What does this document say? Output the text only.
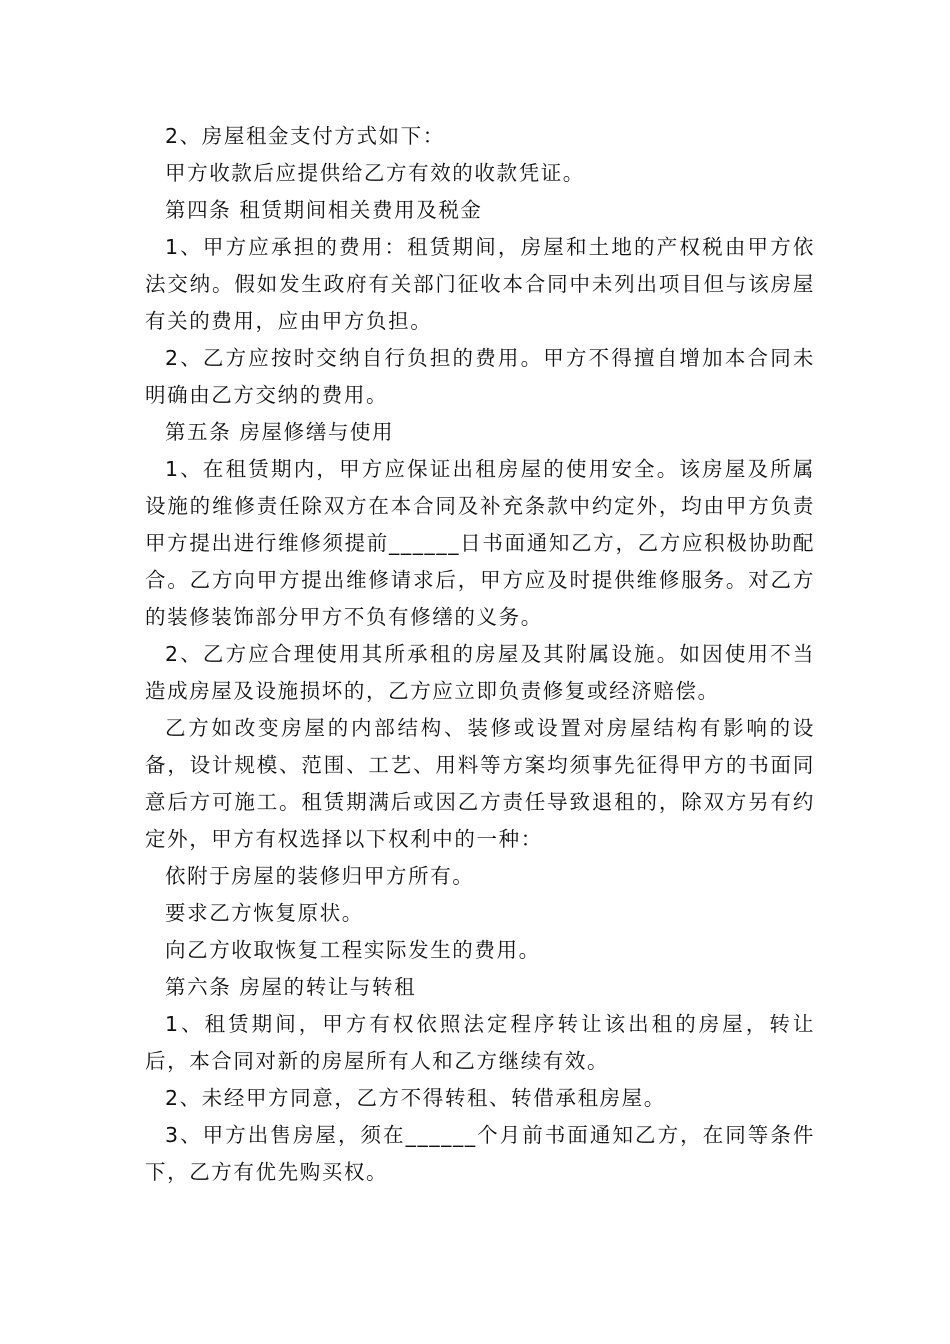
2、房屋租金支付方式如下：

甲方收款后应提供给乙方有效的收款凭证。

第四条 租赁期间相关费用及税金

1、甲方应承担的费用：租赁期间，房屋和土地的产权税由甲方依法交纳。假如发生政府有关部门征收本合同中未列出项目但与该房屋有关的费用，应由甲方负担。

2、乙方应按时交纳自行负担的费用。甲方不得擅自增加本合同未明确由乙方交纳的费用。

第五条 房屋修缮与使用

1、在租赁期内，甲方应保证出租房屋的使用安全。该房屋及所属设施的维修责任除双方在本合同及补充条款中约定外，均由甲方负责甲方提出进行维修须提前______日书面通知乙方，乙方应积极协助配合。乙方向甲方提出维修请求后，甲方应及时提供维修服务。对乙方的装修装饰部分甲方不负有修缮的义务。

2、乙方应合理使用其所承租的房屋及其附属设施。如因使用不当造成房屋及设施损坏的，乙方应立即负责修复或经济赔偿。

乙方如改变房屋的内部结构、装修或设置对房屋结构有影响的设备，设计规模、范围、工艺、用料等方案均须事先征得甲方的书面同意后方可施工。租赁期满后或因乙方责任导致退租的，除双方另有约定外，甲方有权选择以下权利中的一种：

依附于房屋的装修归甲方所有。

要求乙方恢复原状。

向乙方收取恢复工程实际发生的费用。

第六条 房屋的转让与转租

1、租赁期间，甲方有权依照法定程序转让该出租的房屋，转让后，本合同对新的房屋所有人和乙方继续有效。

2、未经甲方同意，乙方不得转租、转借承租房屋。

3、甲方出售房屋，须在______个月前书面通知乙方，在同等条件下，乙方有优先购买权。
